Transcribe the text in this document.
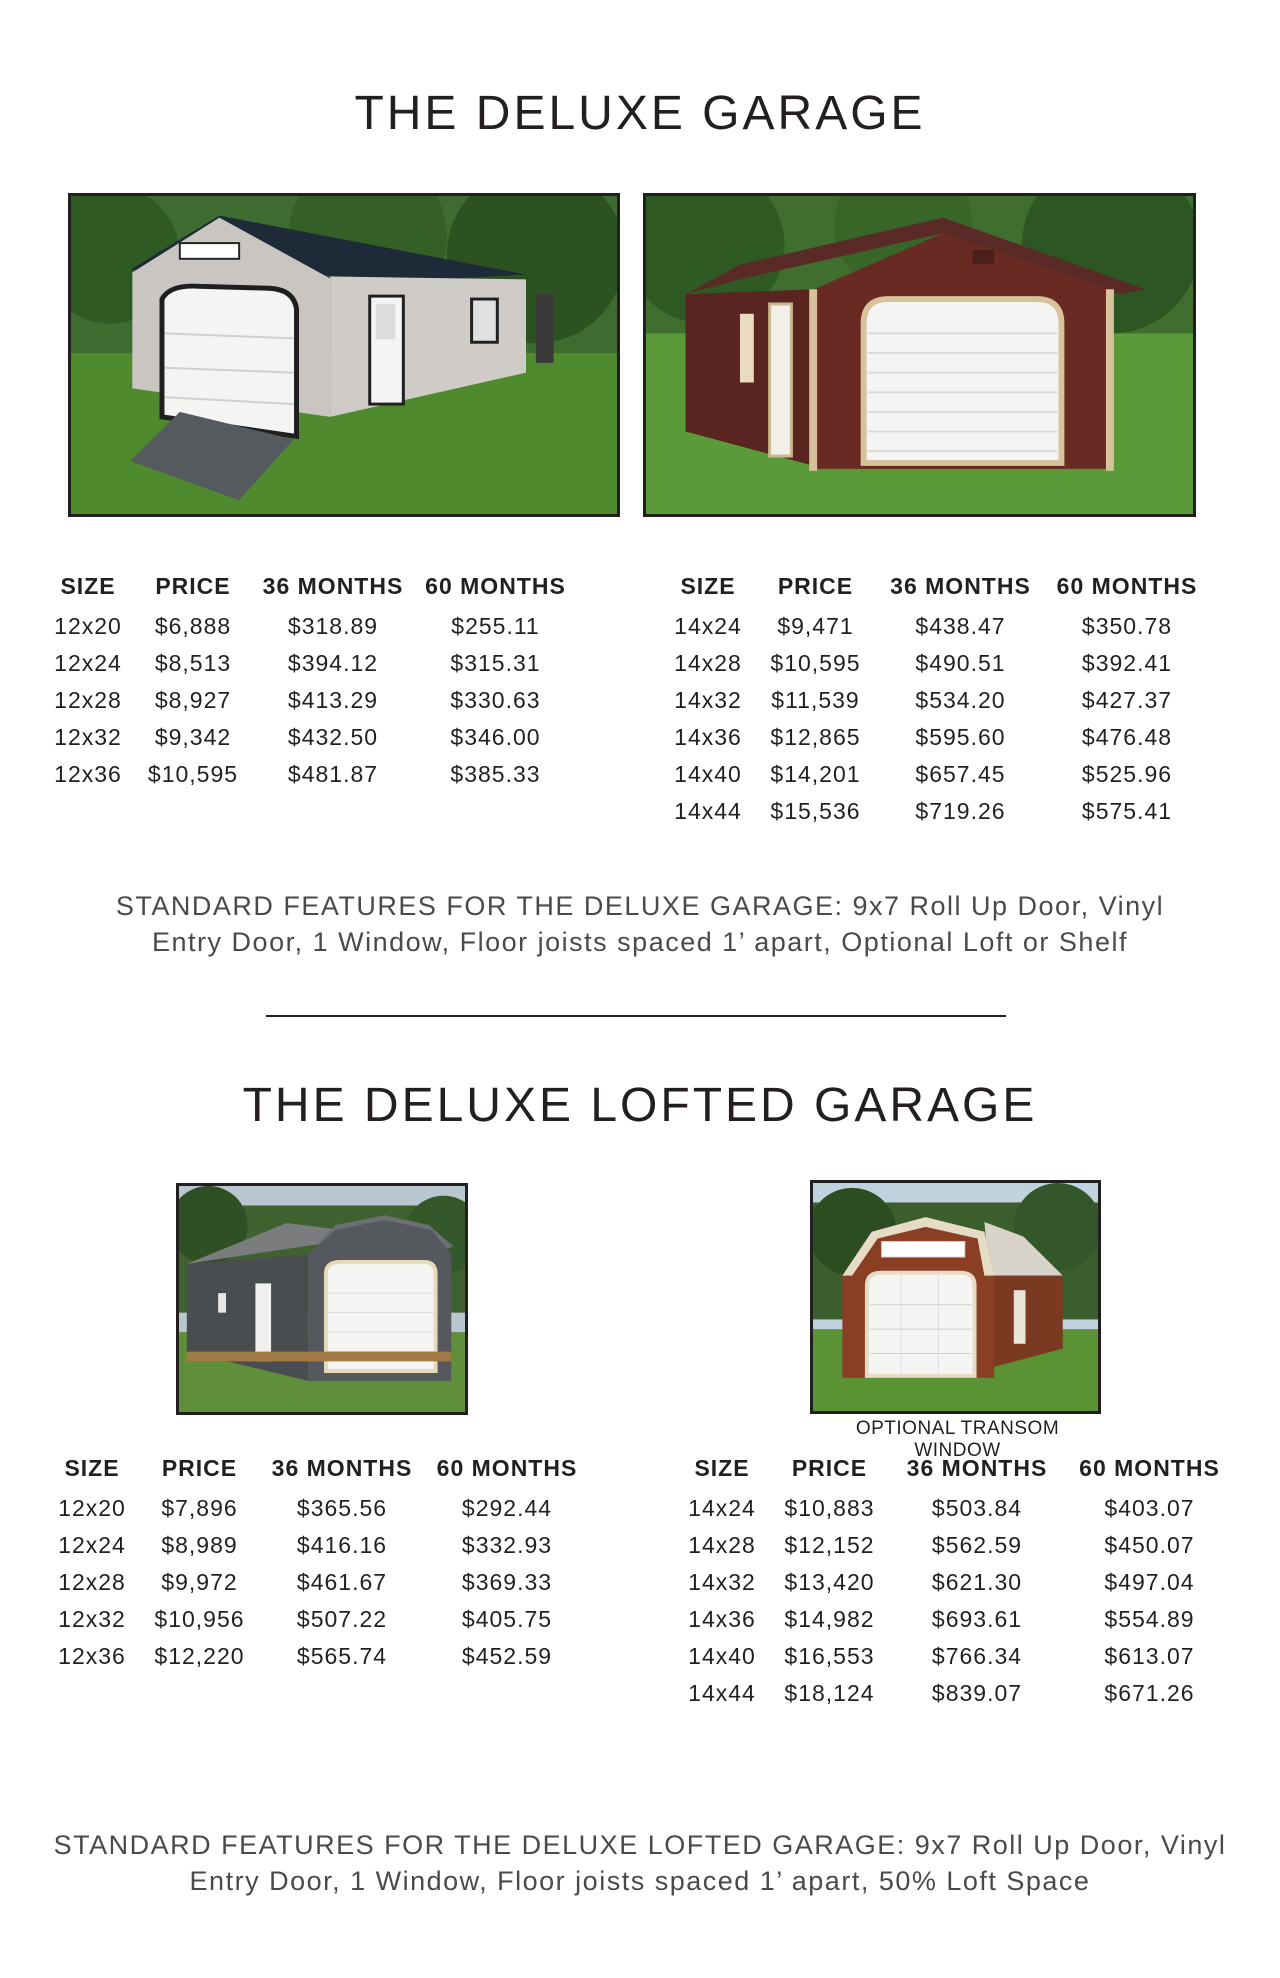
THE DELUXE GARAGE
SIZE	PRICE	36 MONTHS	60 MONTHS
12x20	$6,888	$318.89	$255.11
12x24	$8,513	$394.12	$315.31
12x28	$8,927	$413.29	$330.63
12x32	$9,342	$432.50	$346.00
12x36	$10,595	$481.87	$385.33
SIZE	PRICE	36 MONTHS	60 MONTHS
14x24	$9,471	$438.47	$350.78
14x28	$10,595	$490.51	$392.41
14x32	$11,539	$534.20	$427.37
14x36	$12,865	$595.60	$476.48
14x40	$14,201	$657.45	$525.96
14x44	$15,536	$719.26	$575.41
STANDARD FEATURES FOR THE DELUXE GARAGE: 9x7 Roll Up Door, Vinyl
Entry Door, 1 Window, Floor joists spaced 1’ apart, Optional Loft or Shelf
THE DELUXE LOFTED GARAGE
OPTIONAL TRANSOM WINDOW
SIZE	PRICE	36 MONTHS	60 MONTHS
12x20	$7,896	$365.56	$292.44
12x24	$8,989	$416.16	$332.93
12x28	$9,972	$461.67	$369.33
12x32	$10,956	$507.22	$405.75
12x36	$12,220	$565.74	$452.59
SIZE	PRICE	36 MONTHS	60 MONTHS
14x24	$10,883	$503.84	$403.07
14x28	$12,152	$562.59	$450.07
14x32	$13,420	$621.30	$497.04
14x36	$14,982	$693.61	$554.89
14x40	$16,553	$766.34	$613.07
14x44	$18,124	$839.07	$671.26
STANDARD FEATURES FOR THE DELUXE LOFTED GARAGE: 9x7 Roll Up Door, Vinyl
Entry Door, 1 Window, Floor joists spaced 1’ apart, 50% Loft Space
